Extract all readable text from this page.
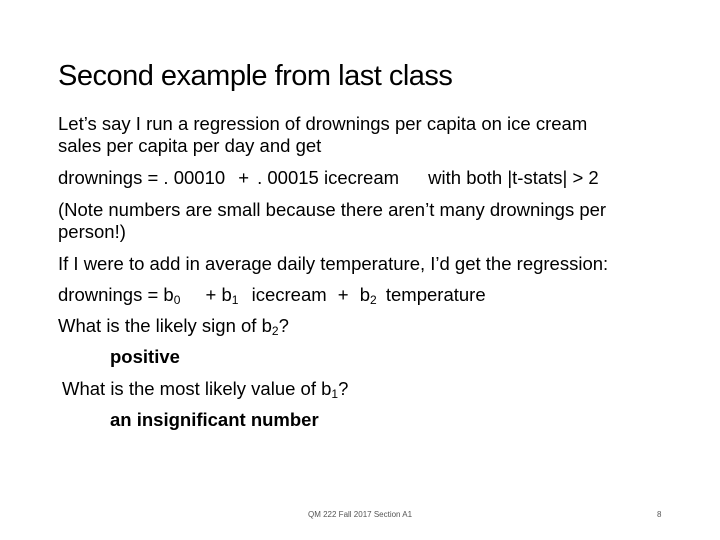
Second example from last class
Let’s say I run a regression of drownings per capita on ice cream
sales per capita per day and get
drownings = . 00010 + . 00015 icecream with both |t-stats| > 2
(Note numbers are small because there aren’t many drownings per
person!)
If I were to add in average daily temperature, I’d get the regression:
drownings = $b_0 + b_1$ icecream + $b_2$ temperature
What is the likely sign of $b_2$?
positive
What is the most likely value of $b_1$?
an insignificant number
QM 222 Fall 2017 Section A1	8
